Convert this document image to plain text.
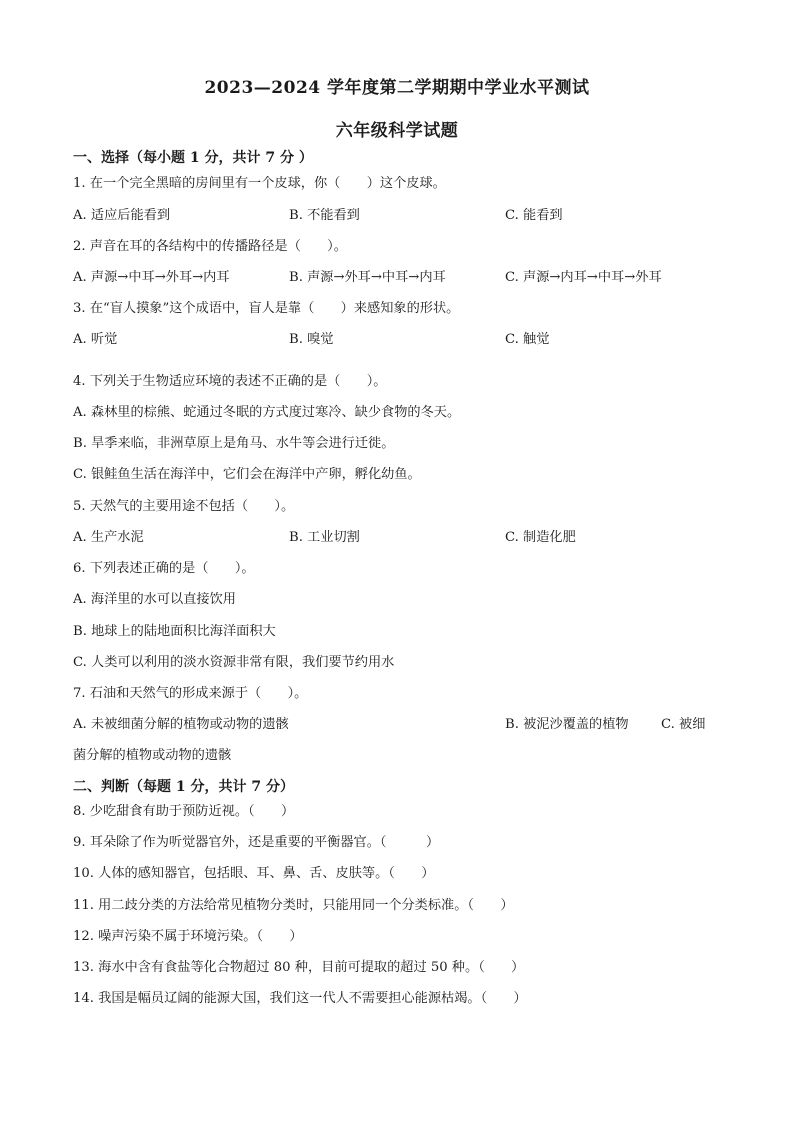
2023—2024 学年度第二学期期中学业水平测试
六年级科学试题
一、选择（每小题 1 分，共计 7 分 ）
1. 在一个完全黑暗的房间里有一个皮球，你（　　）这个皮球。
A. 适应后能看到	B. 不能看到	C. 能看到
2. 声音在耳的各结构中的传播路径是（　　）。
A. 声源→中耳→外耳→内耳	B. 声源→外耳→中耳→内耳	C. 声源→内耳→中耳→外耳
3. 在“盲人摸象”这个成语中，盲人是靠（　　）来感知象的形状。
A. 听觉	B. 嗅觉	C. 触觉
4. 下列关于生物适应环境的表述不正确的是（　　）。
A. 森林里的棕熊、蛇通过冬眠的方式度过寒冷、缺少食物的冬天。
B. 旱季来临，非洲草原上是角马、水牛等会进行迁徙。
C. 银鲑鱼生活在海洋中，它们会在海洋中产卵，孵化幼鱼。
5. 天然气的主要用途不包括（　　）。
A. 生产水泥	B. 工业切割	C. 制造化肥
6. 下列表述正确的是（　　）。
A. 海洋里的水可以直接饮用
B. 地球上的陆地面积比海洋面积大
C. 人类可以利用的淡水资源非常有限，我们要节约用水
7. 石油和天然气的形成来源于（　　）。
A. 未被细菌分解的植物或动物的遗骸	B. 被泥沙覆盖的植物 C. 被细
菌分解的植物或动物的遗骸
二、判断（每题 1 分，共计 7 分）
8. 少吃甜食有助于预防近视。（　　）
9. 耳朵除了作为听觉器官外，还是重要的平衡器官。（　　　）
10. 人体的感知器官，包括眼、耳、鼻、舌、皮肤等。（　　）
11. 用二歧分类的方法给常见植物分类时，只能用同一个分类标准。（　　）
12. 噪声污染不属于环境污染。（　　）
13. 海水中含有食盐等化合物超过 80 种，目前可提取的超过 50 种。（　　）
14. 我国是幅员辽阔的能源大国，我们这一代人不需要担心能源枯竭。（　　）
